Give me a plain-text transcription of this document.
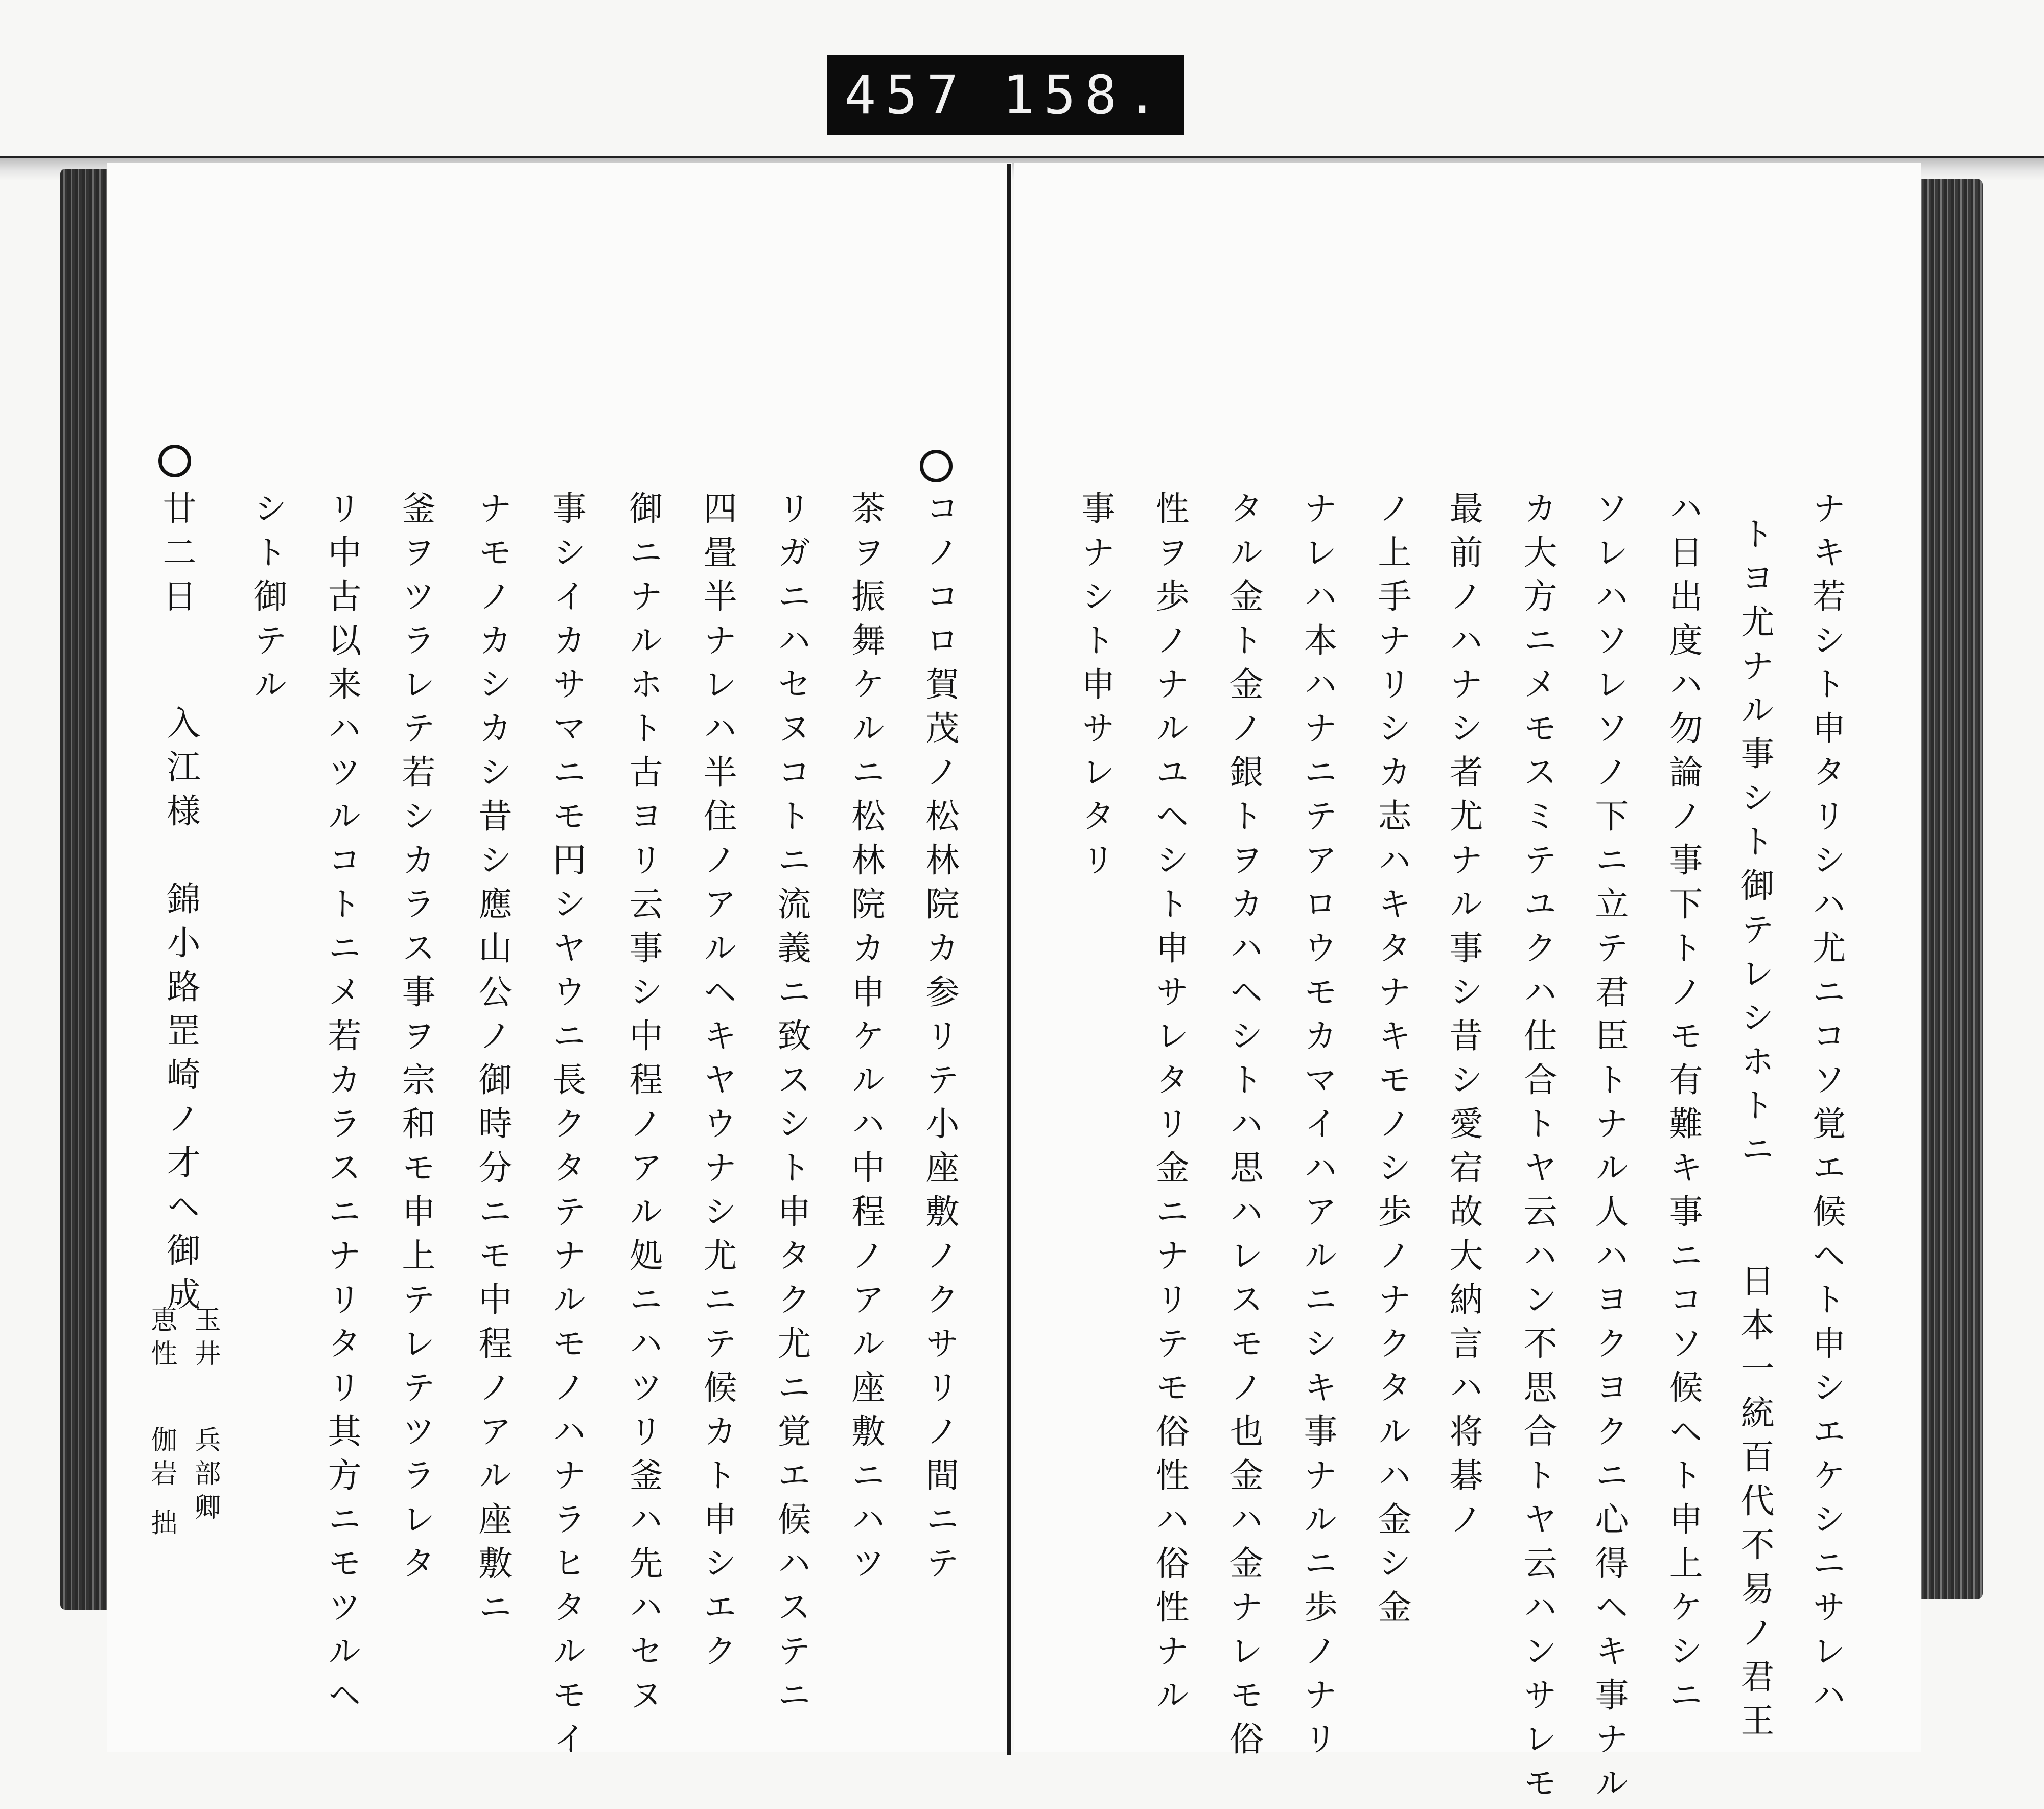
457 158.
ナキ若シト申タリシハ尤ニコソ覚エ候ヘト申シエケシニサレハ
トヨ尤ナル事シト御テレシホトニ　　日本一統百代不易ノ君王
ハ日出度ハ勿論ノ事下トノモ有難キ事ニコソ候ヘト申上ケシニ
ソレハソレソノ下ニ立テ君臣トナル人ハヨクヨクニ心得ヘキ事ナル
カ大方ニメモスミテユクハ仕合トヤ云ハン不思合トヤ云ハンサレモ
最前ノハナシ者尤ナル事シ昔シ愛宕故大納言ハ将碁ノ
ノ上手ナリシカ志ハキタナキモノシ歩ノナクタルハ金シ金
ナレハ本ハナニテアロウモカマイハアルニシキ事ナルニ歩ノナリ
タル金ト金ノ銀トヲカハヘシトハ思ハレスモノ也金ハ金ナレモ俗
性ヲ歩ノナルユヘシト申サレタリ金ニナリテモ俗性ハ俗性ナル
事ナシト申サレタリ
コノコロ賀茂ノ松林院カ参リテ小座敷ノクサリノ間ニテ
茶ヲ振舞ケルニ松林院カ申ケルハ中程ノアル座敷ニハツ
リガニハセヌコトニ流義ニ致スシト申タク尤ニ覚エ候ハステニ
四畳半ナレハ半住ノアルヘキヤウナシ尤ニテ候カト申シエク
御ニナルホト古ヨリ云事シ中程ノアル処ニハツリ釜ハ先ハセヌ
事シイカサマニモ円シヤウニ長クタテナルモノハナラヒタルモイ
ナモノカシカシ昔シ應山公ノ御時分ニモ中程ノアル座敷ニ
釜ヲツラレテ若シカラス事ヲ宗和モ申上テレテツラレタ
リ中古以来ハツルコトニメ若カラスニナリタリ其方ニモツルヘ
シト御テル
廿二日
入江様　錦小路罡崎ノ才ヘ御成
玉井
兵部卿
恵性
伽岩 拙
